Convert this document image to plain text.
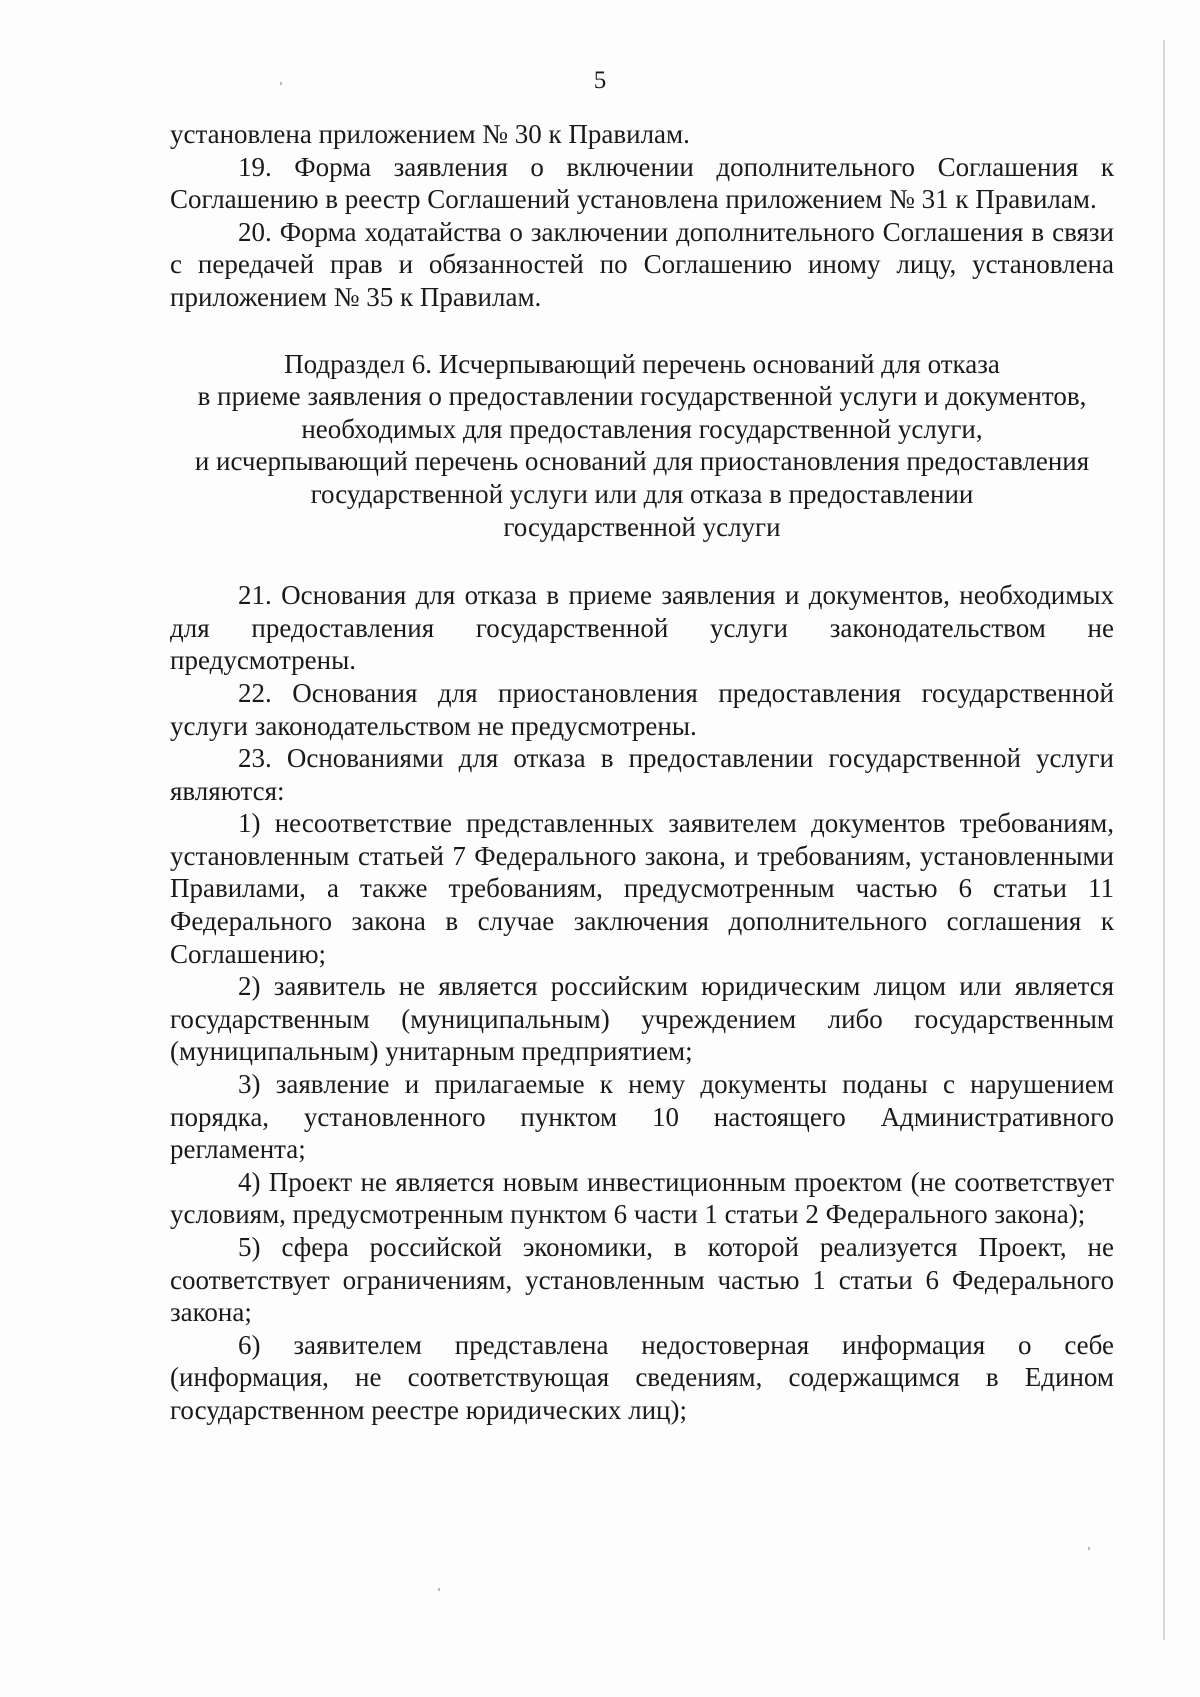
5

установлена приложением № 30 к Правилам.

19. Форма заявления о включении дополнительного Соглашения к Соглашению в реестр Соглашений установлена приложением № 31 к Правилам.

20. Форма ходатайства о заключении дополнительного Соглашения в связи с передачей прав и обязанностей по Соглашению иному лицу, установлена приложением № 35 к Правилам.

Подраздел 6. Исчерпывающий перечень оснований для отказа
в приеме заявления о предоставлении государственной услуги и документов,
необходимых для предоставления государственной услуги,
и исчерпывающий перечень оснований для приостановления предоставления
государственной услуги или для отказа в предоставлении
государственной услуги

21. Основания для отказа в приеме заявления и документов, необходимых для предоставления государственной услуги законодательством не предусмотрены.

22. Основания для приостановления предоставления государственной услуги законодательством не предусмотрены.

23. Основаниями для отказа в предоставлении государственной услуги являются:

1) несоответствие представленных заявителем документов требованиям, установленным статьей 7 Федерального закона, и требованиям, установленными Правилами, а также требованиям, предусмотренным частью 6 статьи 11 Федерального закона в случае заключения дополнительного соглашения к Соглашению;

2) заявитель не является российским юридическим лицом или является государственным (муниципальным) учреждением либо государственным (муниципальным) унитарным предприятием;

3) заявление и прилагаемые к нему документы поданы с нарушением порядка, установленного пунктом 10 настоящего Административного регламента;

4) Проект не является новым инвестиционным проектом (не соответствует условиям, предусмотренным пунктом 6 части 1 статьи 2 Федерального закона);

5) сфера российской экономики, в которой реализуется Проект, не соответствует ограничениям, установленным частью 1 статьи 6 Федерального закона;

6) заявителем представлена недостоверная информация о себе (информация, не соответствующая сведениям, содержащимся в Едином государственном реестре юридических лиц);
